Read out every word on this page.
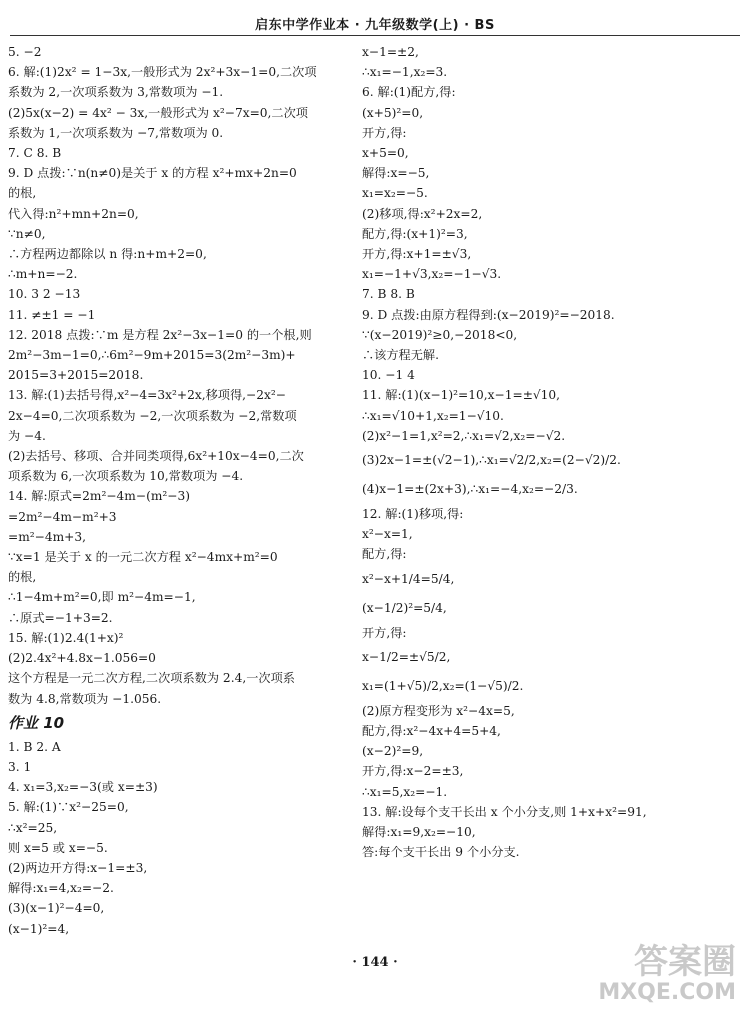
启东中学作业本 · 九年级数学(上) · BS
5. −2
6. 解:(1)2x² = 1−3x,一般形式为 2x²+3x−1=0,二次项
系数为 2,一次项系数为 3,常数项为 −1.
(2)5x(x−2) = 4x² − 3x,一般形式为 x²−7x=0,二次项
系数为 1,一次项系数为 −7,常数项为 0.
7. C 8. B
9. D 点拨:∵n(n≠0)是关于 x 的方程 x²+mx+2n=0
的根,
代入得:n²+mn+2n=0,
∵n≠0,
∴方程两边都除以 n 得:n+m+2=0,
∴m+n=−2.
10. 3 2 −13
11. ≠±1 = −1
12. 2018 点拨:∵m 是方程 2x²−3x−1=0 的一个根,则
2m²−3m−1=0,∴6m²−9m+2015=3(2m²−3m)+
2015=3+2015=2018.
13. 解:(1)去括号得,x²−4=3x²+2x,移项得,−2x²−
2x−4=0,二次项系数为 −2,一次项系数为 −2,常数项
为 −4.
(2)去括号、移项、合并同类项得,6x²+10x−4=0,二次
项系数为 6,一次项系数为 10,常数项为 −4.
14. 解:原式=2m²−4m−(m²−3)
=2m²−4m−m²+3
=m²−4m+3,
∵x=1 是关于 x 的一元二次方程 x²−4mx+m²=0
的根,
∴1−4m+m²=0,即 m²−4m=−1,
∴原式=−1+3=2.
15. 解:(1)2.4(1+x)²
(2)2.4x²+4.8x−1.056=0
这个方程是一元二次方程,二次项系数为 2.4,一次项系
数为 4.8,常数项为 −1.056.
作业 10
1. B 2. A
3. 1
4. x₁=3,x₂=−3(或 x=±3)
5. 解:(1)∵x²−25=0,
∴x²=25,
则 x=5 或 x=−5.
(2)两边开方得:x−1=±3,
解得:x₁=4,x₂=−2.
(3)(x−1)²−4=0,
(x−1)²=4,
x−1=±2,
∴x₁=−1,x₂=3.
6. 解:(1)配方,得:
(x+5)²=0,
开方,得:
x+5=0,
解得:x=−5,
x₁=x₂=−5.
(2)移项,得:x²+2x=2,
配方,得:(x+1)²=3,
开方,得:x+1=±√3,
x₁=−1+√3,x₂=−1−√3.
7. B 8. B
9. D 点拨:由原方程得到:(x−2019)²=−2018.
∵(x−2019)²≥0,−2018<0,
∴该方程无解.
10. −1 4
11. 解:(1)(x−1)²=10,x−1=±√10,
∴x₁=√10+1,x₂=1−√10.
(2)x²−1=1,x²=2,∴x₁=√2,x₂=−√2.
(3)2x−1=±(√2−1),∴x₁=√2/2,x₂=(2−√2)/2.
(4)x−1=±(2x+3),∴x₁=−4,x₂=−2/3.
12. 解:(1)移项,得:
x²−x=1,
配方,得:
x²−x+1/4=5/4,
(x−1/2)²=5/4,
开方,得:
x−1/2=±√5/2,
x₁=(1+√5)/2,x₂=(1−√5)/2.
(2)原方程变形为 x²−4x=5,
配方,得:x²−4x+4=5+4,
(x−2)²=9,
开方,得:x−2=±3,
∴x₁=5,x₂=−1.
13. 解:设每个支干长出 x 个小分支,则 1+x+x²=91,
解得:x₁=9,x₂=−10,
答:每个支干长出 9 个小分支.
· 144 ·	答案圈
MXQE.COM
